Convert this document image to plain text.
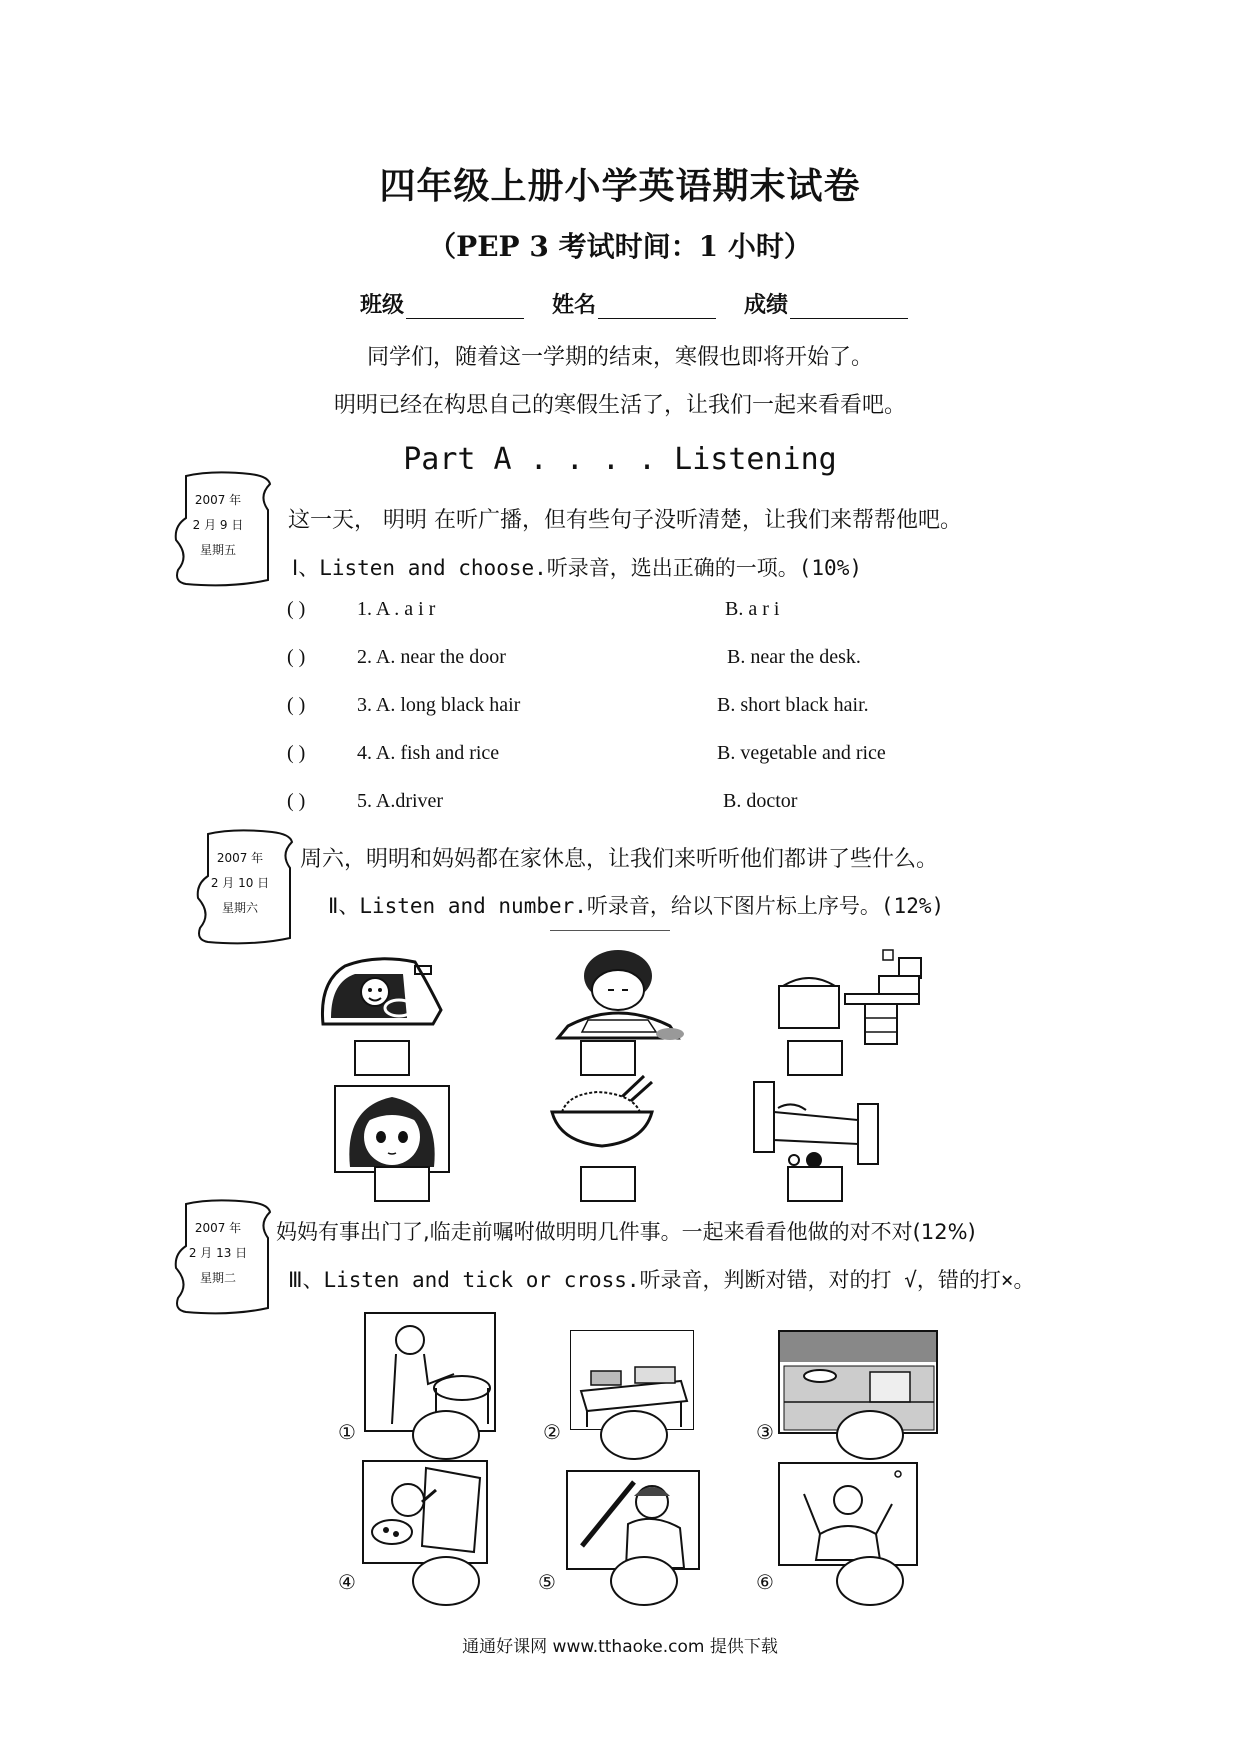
四年级上册小学英语期末试卷
（PEP 3 考试时间：1 小时）
班级	姓名	成绩
同学们，随着这一学期的结束，寒假也即将开始了。
明明已经在构思自己的寒假生活了，让我们一起来看看吧。
Part A . . . . Listening
2007 年
2 月 9 日
星期五
这一天， 明明 在听广播，但有些句子没听清楚，让我们来帮帮他吧。
Ⅰ、Listen and choose.听录音，选出正确的一项。(10%)
( )	1. A . a i r	B. a r i
( )	2. A. near the door	B. near the desk.
( )	3. A. long black hair	B. short black hair.
( )	4. A. fish and rice	B. vegetable and rice
( )	5. A.driver	B. doctor
2007 年
2 月 10 日
星期六
周六，明明和妈妈都在家休息，让我们来听听他们都讲了些什么。
Ⅱ、Listen and number.听录音，给以下图片标上序号。(12%)
2007 年
2 月 13 日
星期二
妈妈有事出门了,临走前嘱咐做明明几件事。一起来看看他做的对不对(12%)
Ⅲ、Listen and tick or cross.听录音，判断对错，对的打 √，错的打×。
①	②	③
④	⑤	⑥
通通好课网 www.tthaoke.com 提供下载
